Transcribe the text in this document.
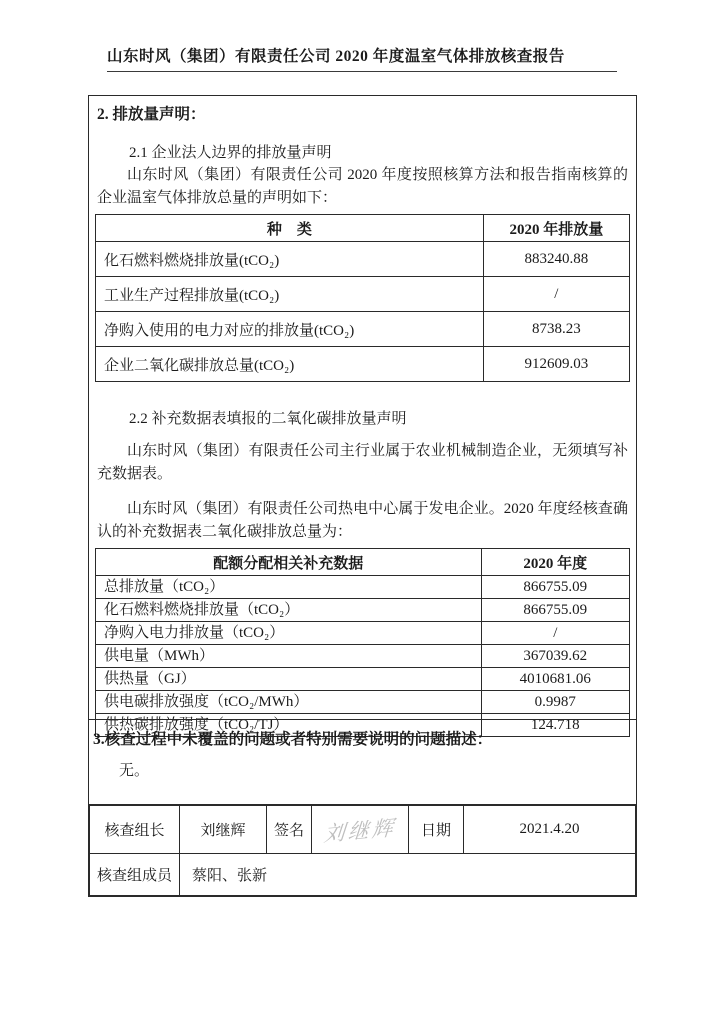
山东时风（集团）有限责任公司 2020 年度温室气体排放核查报告
2. 排放量声明：
2.1 企业法人边界的排放量声明
山东时风（集团）有限责任公司 2020 年度按照核算方法和报告指南核算的企业温室气体排放总量的声明如下：
种　类	2020 年排放量
化石燃料燃烧排放量(tCO₂)	883240.88
工业生产过程排放量(tCO₂)	/
净购入使用的电力对应的排放量(tCO₂)	8738.23
企业二氧化碳排放总量(tCO₂)	912609.03
2.2 补充数据表填报的二氧化碳排放量声明
山东时风（集团）有限责任公司主行业属于农业机械制造企业，无须填写补充数据表。
山东时风（集团）有限责任公司热电中心属于发电企业。2020 年度经核查确认的补充数据表二氧化碳排放总量为：
配额分配相关补充数据	2020 年度
总排放量（tCO₂）	866755.09
化石燃料燃烧排放量（tCO₂）	866755.09
净购入电力排放量（tCO₂）	/
供电量（MWh）	367039.62
供热量（GJ）	4010681.06
供电碳排放强度（tCO₂/MWh）	0.9987
供热碳排放强度（tCO₂/TJ）	124.718
3.核查过程中未覆盖的问题或者特别需要说明的问题描述：
无。
核查组长	刘继辉	签名	刘继辉	日期	2021.4.20
核查组成员	蔡阳、张新				
